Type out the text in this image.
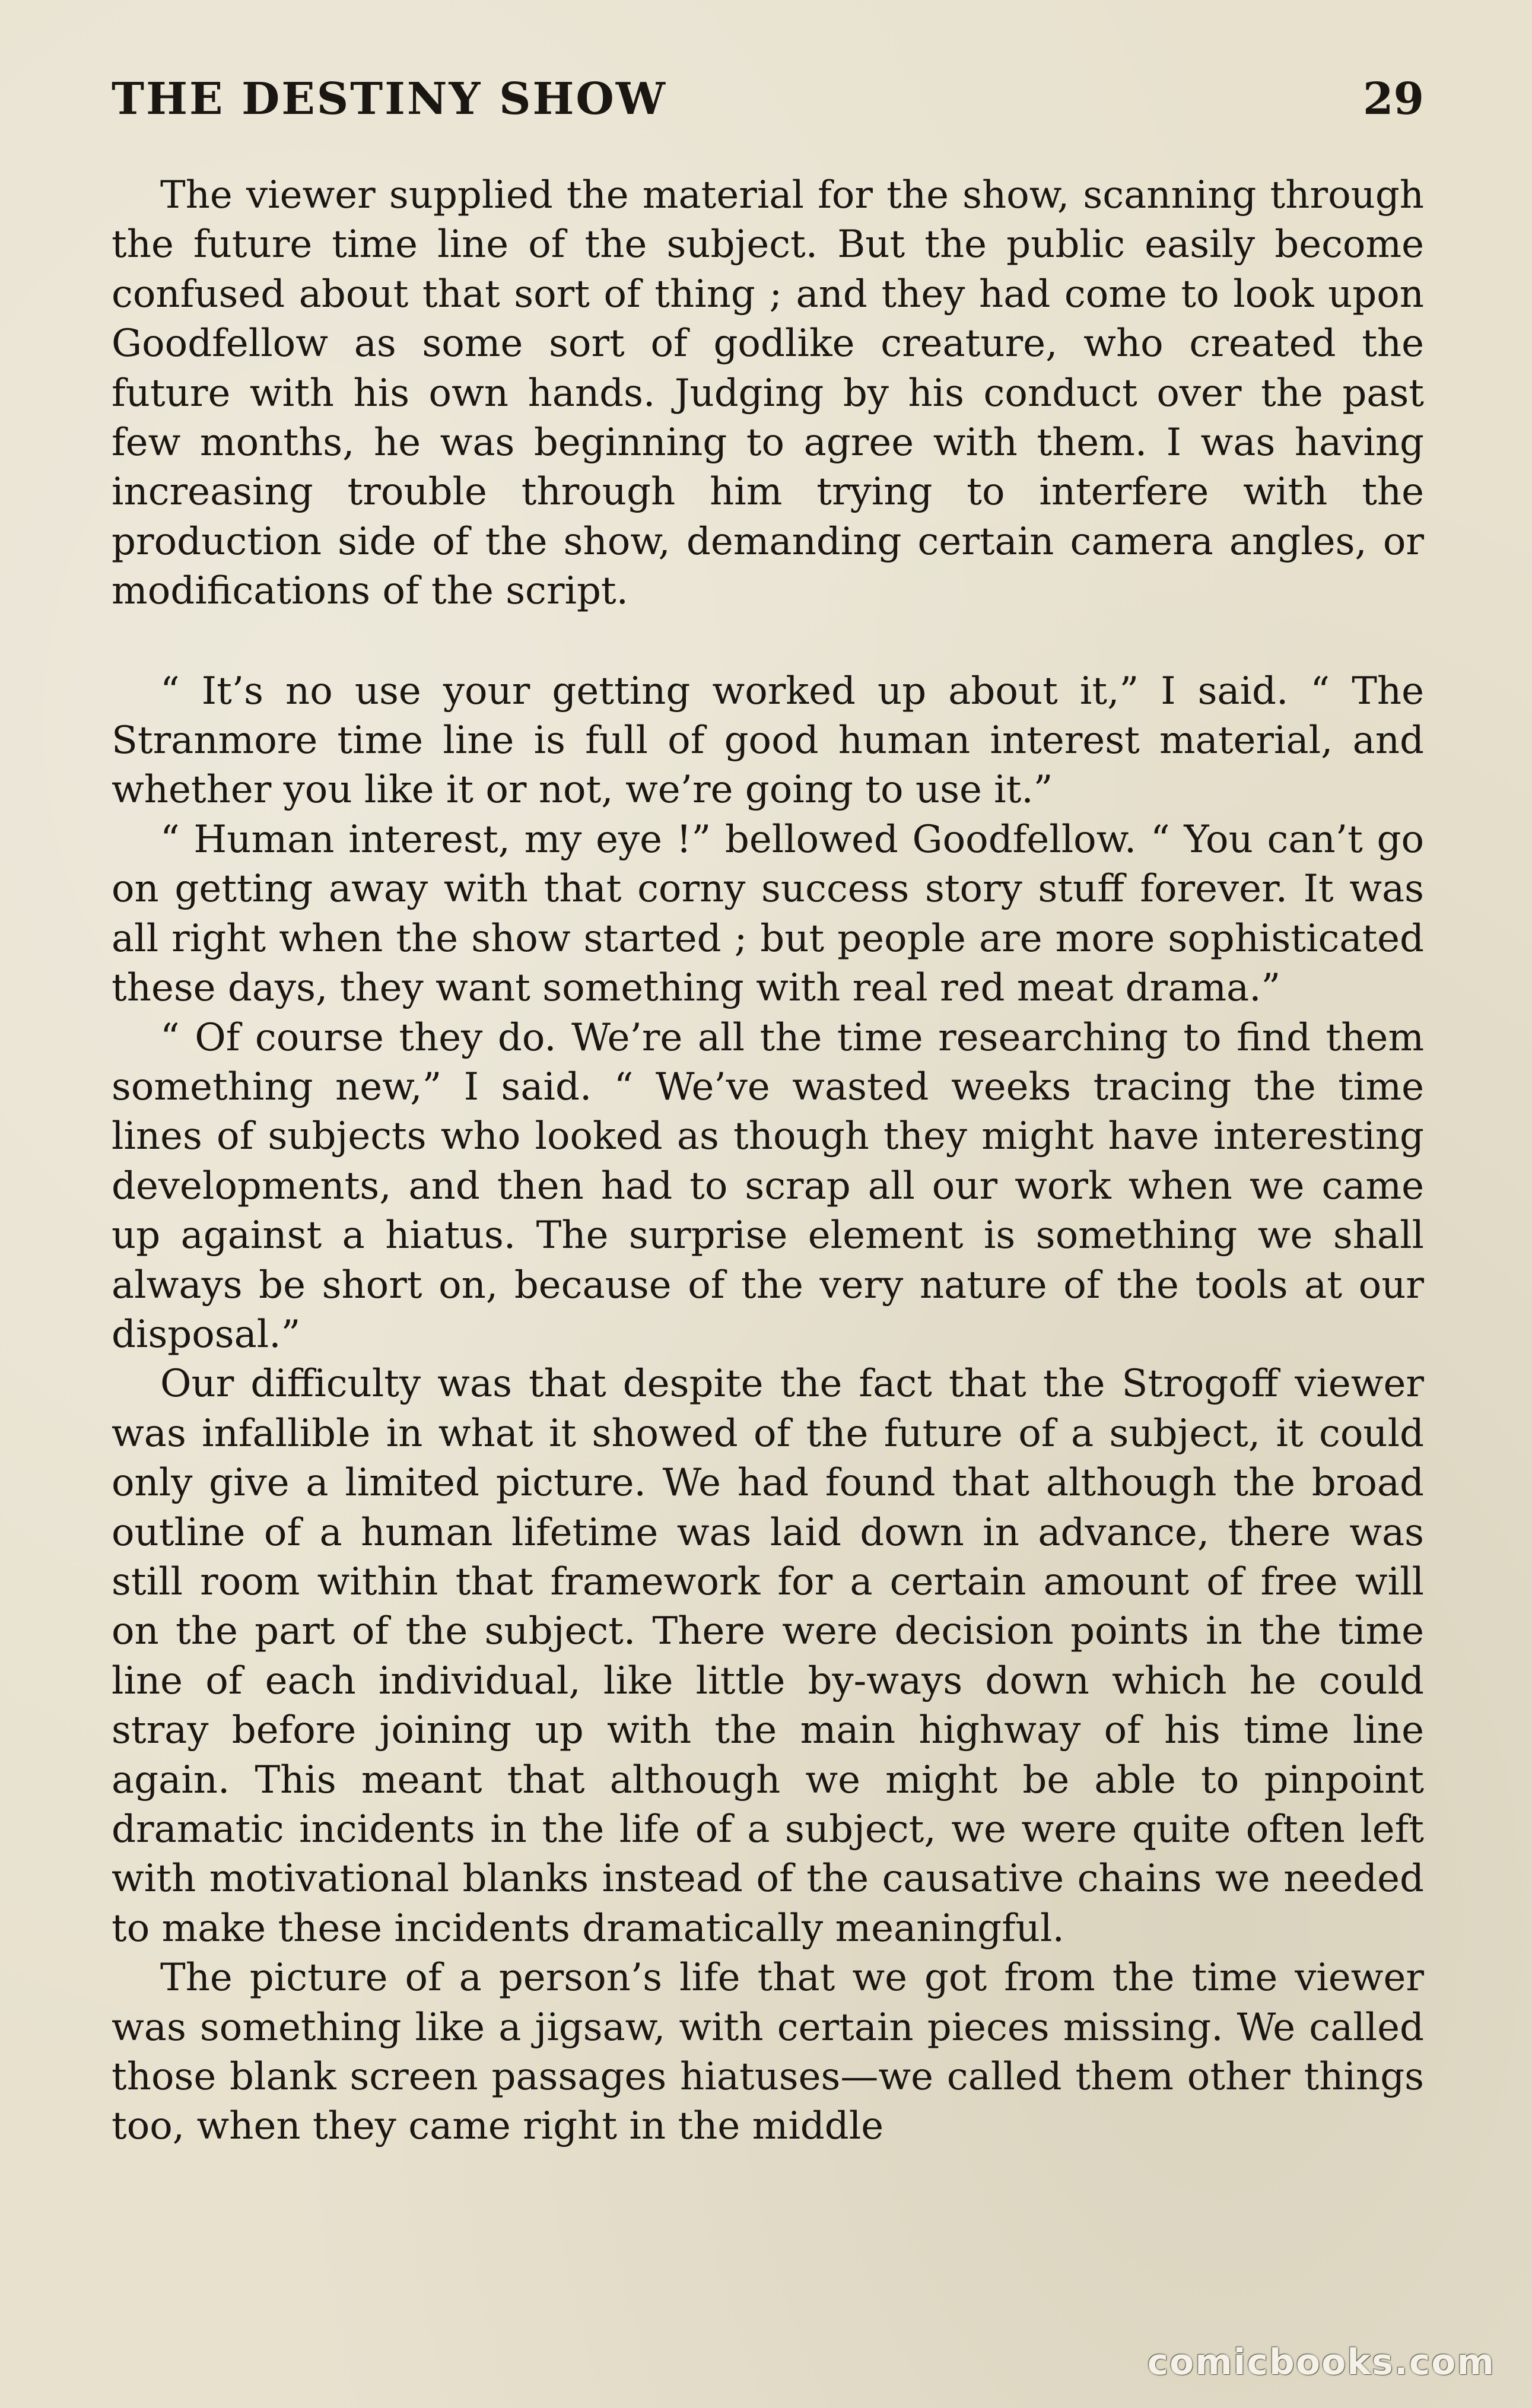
THE DESTINY SHOW	29

The viewer supplied the material for the show, scanning through the future time line of the subject. But the public easily become confused about that sort of thing ; and they had come to look upon Goodfellow as some sort of godlike creature, who created the future with his own hands. Judging by his conduct over the past few months, he was beginning to agree with them. I was having increasing trouble through him trying to interfere with the production side of the show, demanding certain camera angles, or modifications of the script.

“ It’s no use your getting worked up about it,” I said. “ The Stranmore time line is full of good human interest material, and whether you like it or not, we’re going to use it.”

“ Human interest, my eye !” bellowed Goodfellow. “ You can’t go on getting away with that corny success story stuff forever. It was all right when the show started ; but people are more sophisticated these days, they want something with real red meat drama.”

“ Of course they do. We’re all the time researching to find them something new,” I said. “ We’ve wasted weeks tracing the time lines of subjects who looked as though they might have interesting developments, and then had to scrap all our work when we came up against a hiatus. The surprise element is something we shall always be short on, because of the very nature of the tools at our disposal.”

Our difficulty was that despite the fact that the Strogoff viewer was infallible in what it showed of the future of a subject, it could only give a limited picture. We had found that although the broad outline of a human lifetime was laid down in advance, there was still room within that framework for a certain amount of free will on the part of the subject. There were decision points in the time line of each individual, like little by-ways down which he could stray before joining up with the main highway of his time line again. This meant that although we might be able to pinpoint dramatic incidents in the life of a subject, we were quite often left with motivational blanks instead of the causative chains we needed to make these incidents dramatically meaningful.

The picture of a person’s life that we got from the time viewer was something like a jigsaw, with certain pieces missing. We called those blank screen passages hiatuses—we called them other things too, when they came right in the middle

comicbooks.com
